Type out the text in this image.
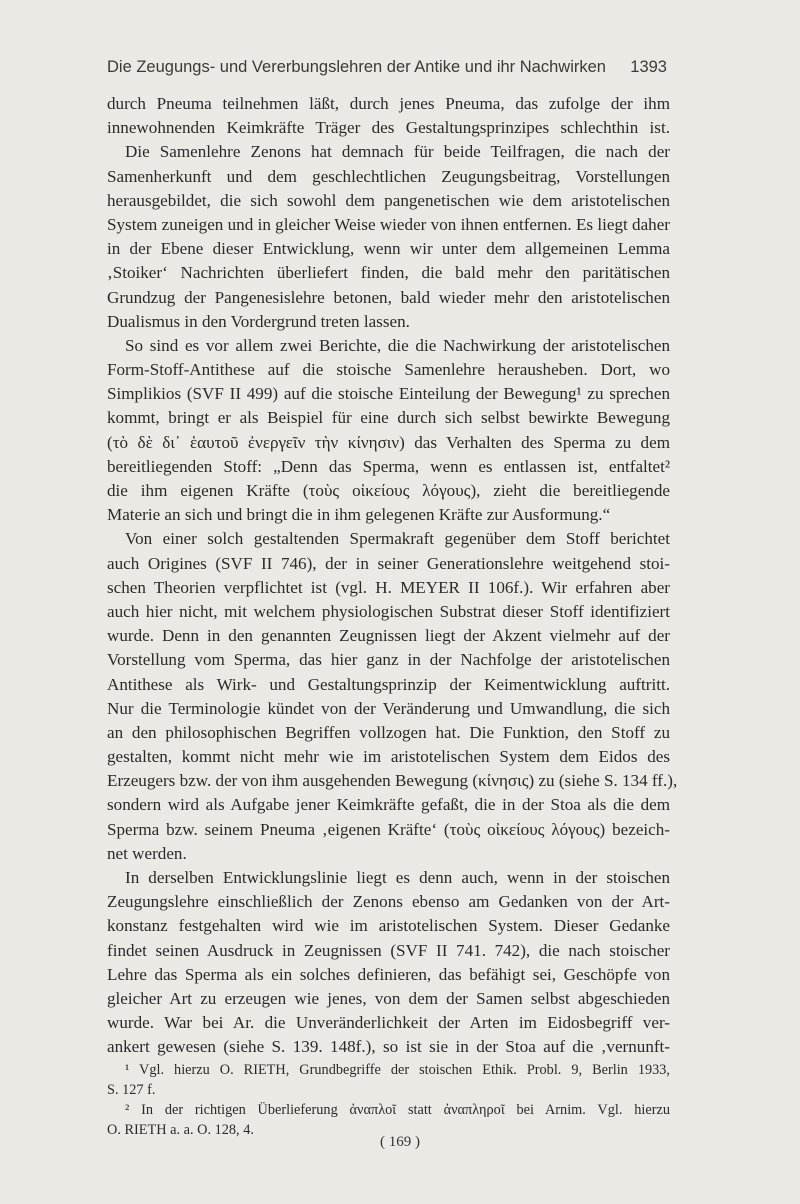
Die Zeugungs- und Vererbungslehren der Antike und ihr Nachwirken 1393
durch Pneuma teilnehmen läßt, durch jenes Pneuma, das zufolge der ihm
innewohnenden Keimkräfte Träger des Gestaltungsprinzipes schlechthin ist.
Die Samenlehre Zenons hat demnach für beide Teilfragen, die nach der
Samenherkunft und dem geschlechtlichen Zeugungsbeitrag, Vorstellungen
herausgebildet, die sich sowohl dem pangenetischen wie dem aristotelischen
System zuneigen und in gleicher Weise wieder von ihnen entfernen. Es liegt daher
in der Ebene dieser Entwicklung, wenn wir unter dem allgemeinen Lemma
‚Stoiker‘ Nachrichten überliefert finden, die bald mehr den paritätischen
Grundzug der Pangenesislehre betonen, bald wieder mehr den aristotelischen
Dualismus in den Vordergrund treten lassen.
So sind es vor allem zwei Berichte, die die Nachwirkung der aristotelischen
Form-Stoff-Antithese auf die stoische Samenlehre herausheben. Dort, wo
Simplikios (SVF II 499) auf die stoische Einteilung der Bewegung¹ zu sprechen
kommt, bringt er als Beispiel für eine durch sich selbst bewirkte Bewegung
(τὸ δὲ δι᾽ ἑαυτοῦ ἐνεργεῖν τὴν κίνησιν) das Verhalten des Sperma zu dem
bereitliegenden Stoff: „Denn das Sperma, wenn es entlassen ist, entfaltet²
die ihm eigenen Kräfte (τοὺς οἰκείους λόγους), zieht die bereitliegende
Materie an sich und bringt die in ihm gelegenen Kräfte zur Ausformung.“
Von einer solch gestaltenden Spermakraft gegenüber dem Stoff berichtet
auch Origines (SVF II 746), der in seiner Generationslehre weitgehend stoi-
schen Theorien verpflichtet ist (vgl. H. MEYER II 106f.). Wir erfahren aber
auch hier nicht, mit welchem physiologischen Substrat dieser Stoff identifiziert
wurde. Denn in den genannten Zeugnissen liegt der Akzent vielmehr auf der
Vorstellung vom Sperma, das hier ganz in der Nachfolge der aristotelischen
Antithese als Wirk- und Gestaltungsprinzip der Keimentwicklung auftritt.
Nur die Terminologie kündet von der Veränderung und Umwandlung, die sich
an den philosophischen Begriffen vollzogen hat. Die Funktion, den Stoff zu
gestalten, kommt nicht mehr wie im aristotelischen System dem Eidos des
Erzeugers bzw. der von ihm ausgehenden Bewegung (κίνησις) zu (siehe S. 134 ff.),
sondern wird als Aufgabe jener Keimkräfte gefaßt, die in der Stoa als die dem
Sperma bzw. seinem Pneuma ‚eigenen Kräfte‘ (τοὺς οἰκείους λόγους) bezeich-
net werden.
In derselben Entwicklungslinie liegt es denn auch, wenn in der stoischen
Zeugungslehre einschließlich der Zenons ebenso am Gedanken von der Art-
konstanz festgehalten wird wie im aristotelischen System. Dieser Gedanke
findet seinen Ausdruck in Zeugnissen (SVF II 741. 742), die nach stoischer
Lehre das Sperma als ein solches definieren, das befähigt sei, Geschöpfe von
gleicher Art zu erzeugen wie jenes, von dem der Samen selbst abgeschieden
wurde. War bei Ar. die Unveränderlichkeit der Arten im Eidosbegriff ver-
ankert gewesen (siehe S. 139. 148f.), so ist sie in der Stoa auf die ‚vernunft-
¹ Vgl. hierzu O. RIETH, Grundbegriffe der stoischen Ethik. Probl. 9, Berlin 1933,
S. 127 f.
² In der richtigen Überlieferung ἀναπλοῖ statt ἀναπληροῖ bei Arnim. Vgl. hierzu
O. RIETH a. a. O. 128, 4.
( 169 )
